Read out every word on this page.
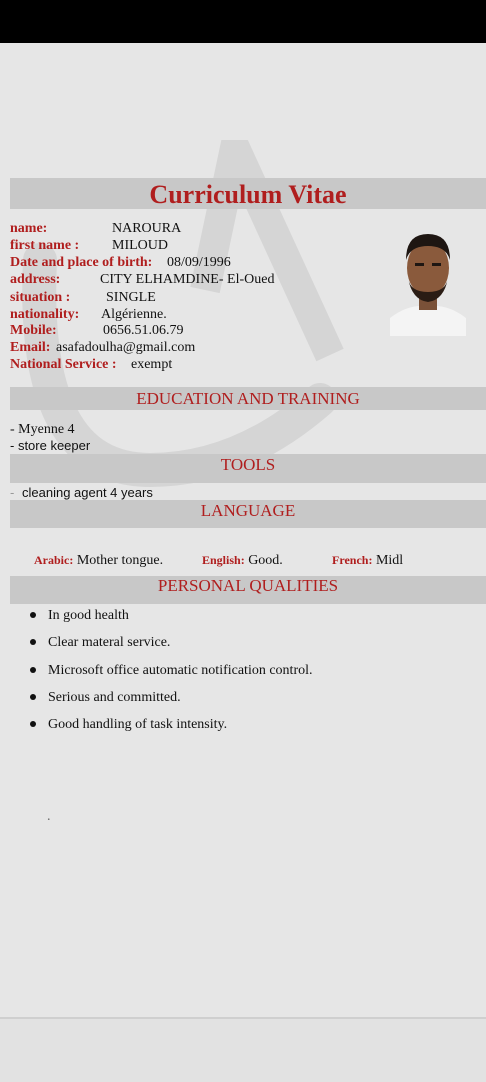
Curriculum Vitae
name:	NAROURA
first name : MILOUD
Date and place of birth: 08/09/1996
address:	CITY ELHAMDINE- El-Oued
situation :	SINGLE
nationality: Algérienne.
Mobile:	0656.51.06.79
Email: asafadoulha@gmail.com
National Service : exempt
EDUCATION AND TRAINING
- Myenne 4
- store keeper
TOOLS
- cleaning agent 4 years
LANGUAGE
Arabic: Mother tongue.	English: Good.	French: Midl
PERSONAL QUALITIES
In good health
Clear materal service.
Microsoft office automatic notification control.
Serious and committed.
Good handling of task intensity.
.
